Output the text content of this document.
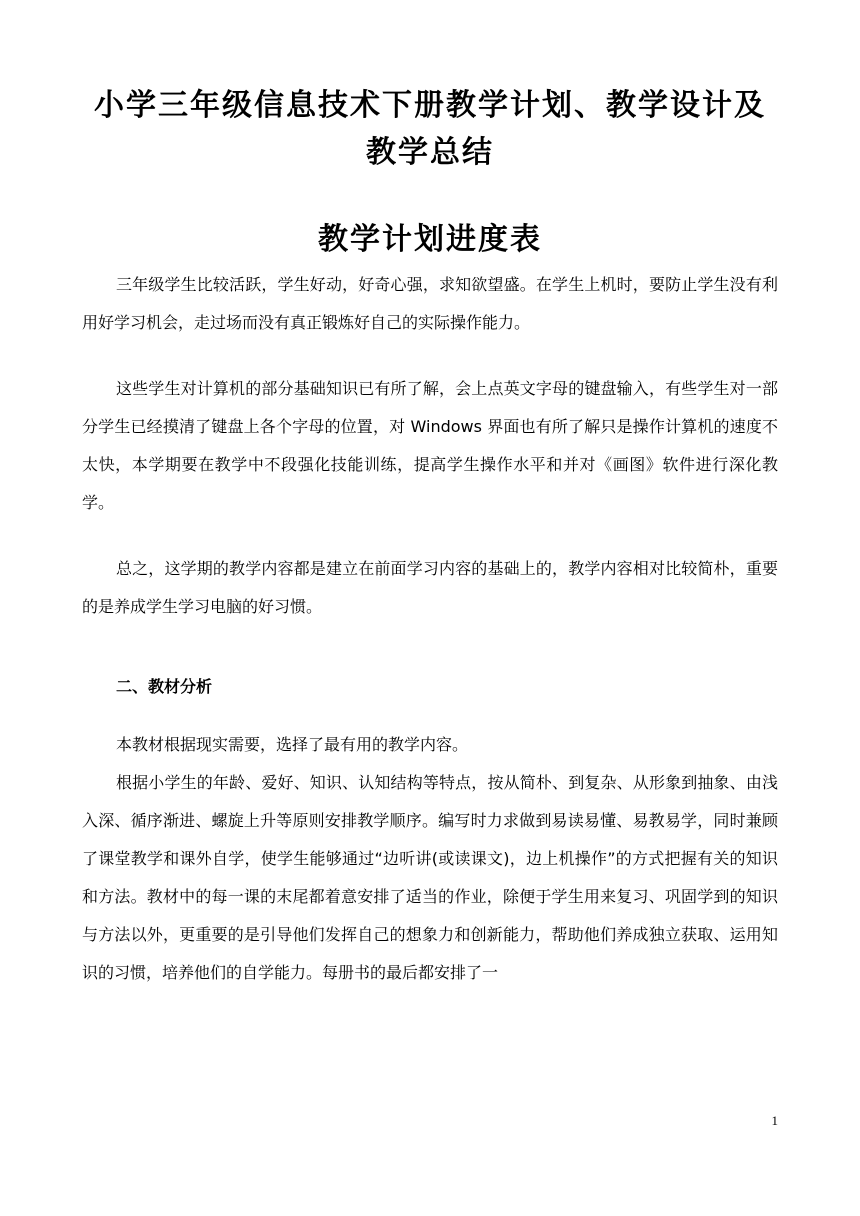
小学三年级信息技术下册教学计划、教学设计及教学总结
教学计划进度表

三年级学生比较活跃，学生好动，好奇心强，求知欲望盛。在学生上机时，要防止学生没有利用好学习机会，走过场而没有真正锻炼好自己的实际操作能力。

这些学生对计算机的部分基础知识已有所了解，会上点英文字母的键盘输入，有些学生对一部分学生已经摸清了键盘上各个字母的位置，对 Windows 界面也有所了解只是操作计算机的速度不太快，本学期要在教学中不段强化技能训练，提高学生操作水平和并对《画图》软件进行深化教学。

总之，这学期的教学内容都是建立在前面学习内容的基础上的，教学内容相对比较简朴，重要的是养成学生学习电脑的好习惯。

二、教材分析

本教材根据现实需要，选择了最有用的教学内容。

根据小学生的年龄、爱好、知识、认知结构等特点，按从简朴、到复杂、从形象到抽象、由浅入深、循序渐进、螺旋上升等原则安排教学顺序。编写时力求做到易读易懂、易教易学，同时兼顾了课堂教学和课外自学，使学生能够通过“边听讲(或读课文)，边上机操作”的方式把握有关的知识和方法。教材中的每一课的末尾都着意安排了适当的作业，除便于学生用来复习、巩固学到的知识与方法以外，更重要的是引导他们发挥自己的想象力和创新能力，帮助他们养成独立获取、运用知识的习惯，培养他们的自学能力。每册书的最后都安排了一

1
